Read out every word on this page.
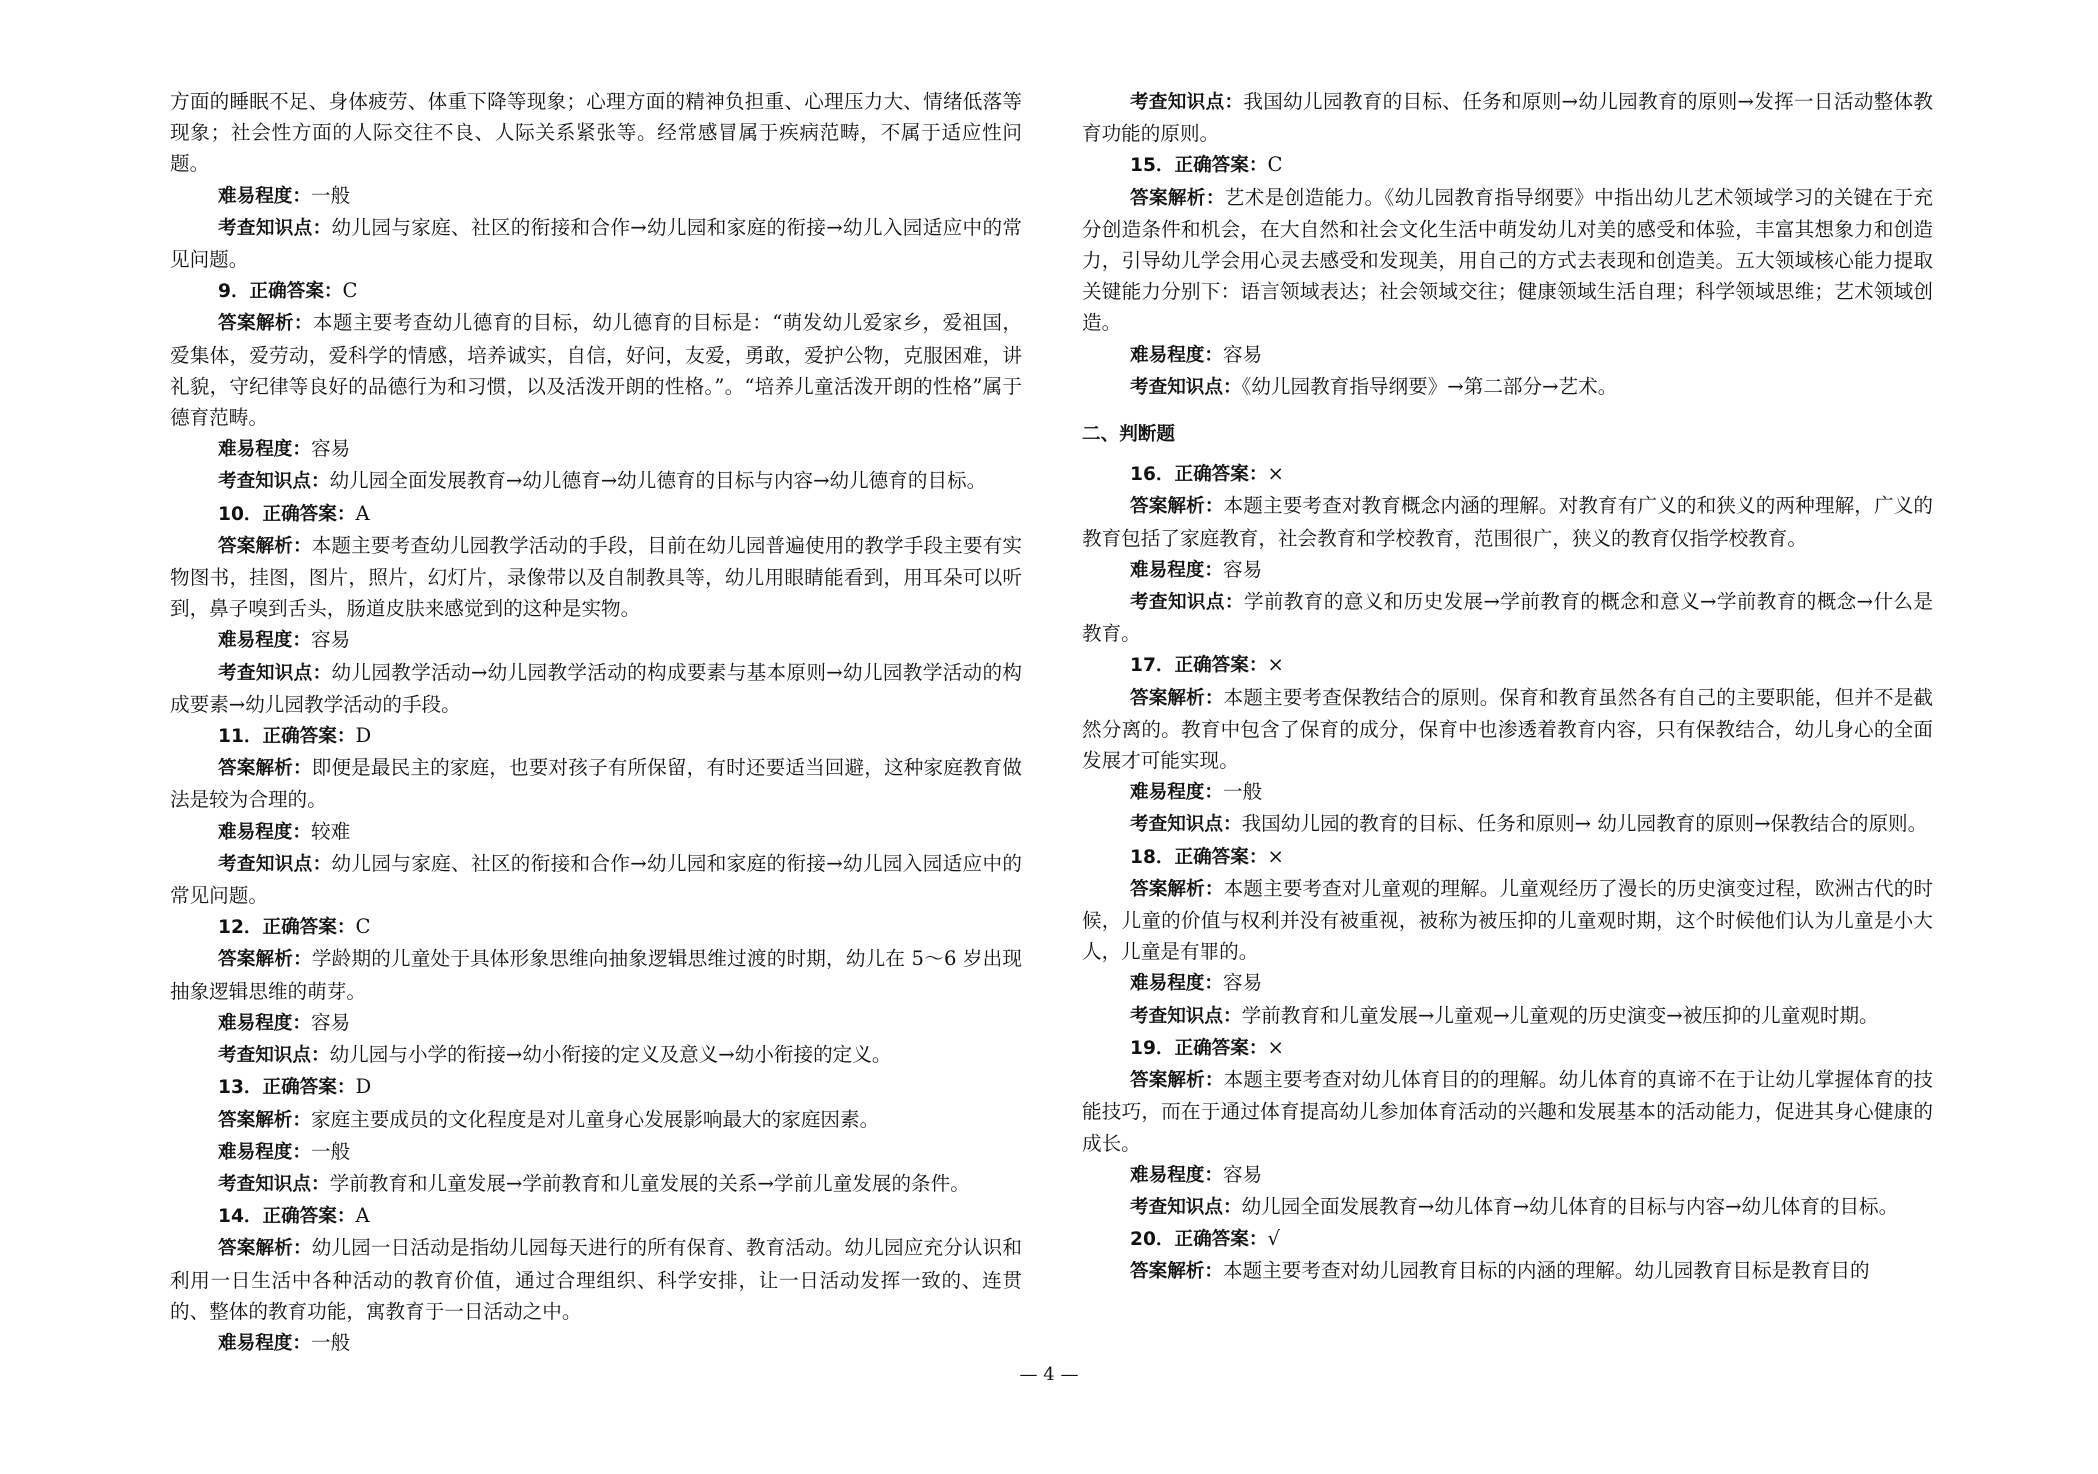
方面的睡眠不足、身体疲劳、体重下降等现象；心理方面的精神负担重、心理压力大、情绪低落等现象；社会性方面的人际交往不良、人际关系紧张等。经常感冒属于疾病范畴，不属于适应性问题。

难易程度：一般

考查知识点：幼儿园与家庭、社区的衔接和合作→幼儿园和家庭的衔接→幼儿入园适应中的常见问题。

9．正确答案：C

答案解析：本题主要考查幼儿德育的目标，幼儿德育的目标是：“萌发幼儿爱家乡，爱祖国，爱集体，爱劳动，爱科学的情感，培养诚实，自信，好问，友爱，勇敢，爱护公物，克服困难，讲礼貌，守纪律等良好的品德行为和习惯，以及活泼开朗的性格。”。“培养儿童活泼开朗的性格”属于德育范畴。

难易程度：容易

考查知识点：幼儿园全面发展教育→幼儿德育→幼儿德育的目标与内容→幼儿德育的目标。

10．正确答案：A

答案解析：本题主要考查幼儿园教学活动的手段，目前在幼儿园普遍使用的教学手段主要有实物图书，挂图，图片，照片，幻灯片，录像带以及自制教具等，幼儿用眼睛能看到，用耳朵可以听到，鼻子嗅到舌头，肠道皮肤来感觉到的这种是实物。

难易程度：容易

考查知识点：幼儿园教学活动→幼儿园教学活动的构成要素与基本原则→幼儿园教学活动的构成要素→幼儿园教学活动的手段。

11．正确答案：D

答案解析：即便是最民主的家庭，也要对孩子有所保留，有时还要适当回避，这种家庭教育做法是较为合理的。

难易程度：较难

考查知识点：幼儿园与家庭、社区的衔接和合作→幼儿园和家庭的衔接→幼儿园入园适应中的常见问题。

12．正确答案：C

答案解析：学龄期的儿童处于具体形象思维向抽象逻辑思维过渡的时期，幼儿在 5～6 岁出现抽象逻辑思维的萌芽。

难易程度：容易

考查知识点：幼儿园与小学的衔接→幼小衔接的定义及意义→幼小衔接的定义。

13．正确答案：D

答案解析：家庭主要成员的文化程度是对儿童身心发展影响最大的家庭因素。

难易程度：一般

考查知识点：学前教育和儿童发展→学前教育和儿童发展的关系→学前儿童发展的条件。

14．正确答案：A

答案解析：幼儿园一日活动是指幼儿园每天进行的所有保育、教育活动。幼儿园应充分认识和利用一日生活中各种活动的教育价值，通过合理组织、科学安排，让一日活动发挥一致的、连贯的、整体的教育功能，寓教育于一日活动之中。

难易程度：一般

考查知识点：我国幼儿园教育的目标、任务和原则→幼儿园教育的原则→发挥一日活动整体教育功能的原则。

15．正确答案：C

答案解析：艺术是创造能力。《幼儿园教育指导纲要》中指出幼儿艺术领域学习的关键在于充分创造条件和机会，在大自然和社会文化生活中萌发幼儿对美的感受和体验，丰富其想象力和创造力，引导幼儿学会用心灵去感受和发现美，用自己的方式去表现和创造美。五大领域核心能力提取关键能力分别下：语言领域表达；社会领域交往；健康领域生活自理；科学领域思维；艺术领域创造。

难易程度：容易

考查知识点：《幼儿园教育指导纲要》→第二部分→艺术。

二、判断题

16．正确答案：×

答案解析：本题主要考查对教育概念内涵的理解。对教育有广义的和狭义的两种理解，广义的教育包括了家庭教育，社会教育和学校教育，范围很广，狭义的教育仅指学校教育。

难易程度：容易

考查知识点：学前教育的意义和历史发展→学前教育的概念和意义→学前教育的概念→什么是教育。

17．正确答案：×

答案解析：本题主要考查保教结合的原则。保育和教育虽然各有自己的主要职能，但并不是截然分离的。教育中包含了保育的成分，保育中也渗透着教育内容，只有保教结合，幼儿身心的全面发展才可能实现。

难易程度：一般

考查知识点：我国幼儿园的教育的目标、任务和原则→ 幼儿园教育的原则→保教结合的原则。

18．正确答案：×

答案解析：本题主要考查对儿童观的理解。儿童观经历了漫长的历史演变过程，欧洲古代的时候，儿童的价值与权利并没有被重视，被称为被压抑的儿童观时期，这个时候他们认为儿童是小大人，儿童是有罪的。

难易程度：容易

考查知识点：学前教育和儿童发展→儿童观→儿童观的历史演变→被压抑的儿童观时期。

19．正确答案：×

答案解析：本题主要考查对幼儿体育目的的理解。幼儿体育的真谛不在于让幼儿掌握体育的技能技巧，而在于通过体育提高幼儿参加体育活动的兴趣和发展基本的活动能力，促进其身心健康的成长。

难易程度：容易

考查知识点：幼儿园全面发展教育→幼儿体育→幼儿体育的目标与内容→幼儿体育的目标。

20．正确答案：√

答案解析：本题主要考查对幼儿园教育目标的内涵的理解。幼儿园教育目标是教育目的

— 4 —
